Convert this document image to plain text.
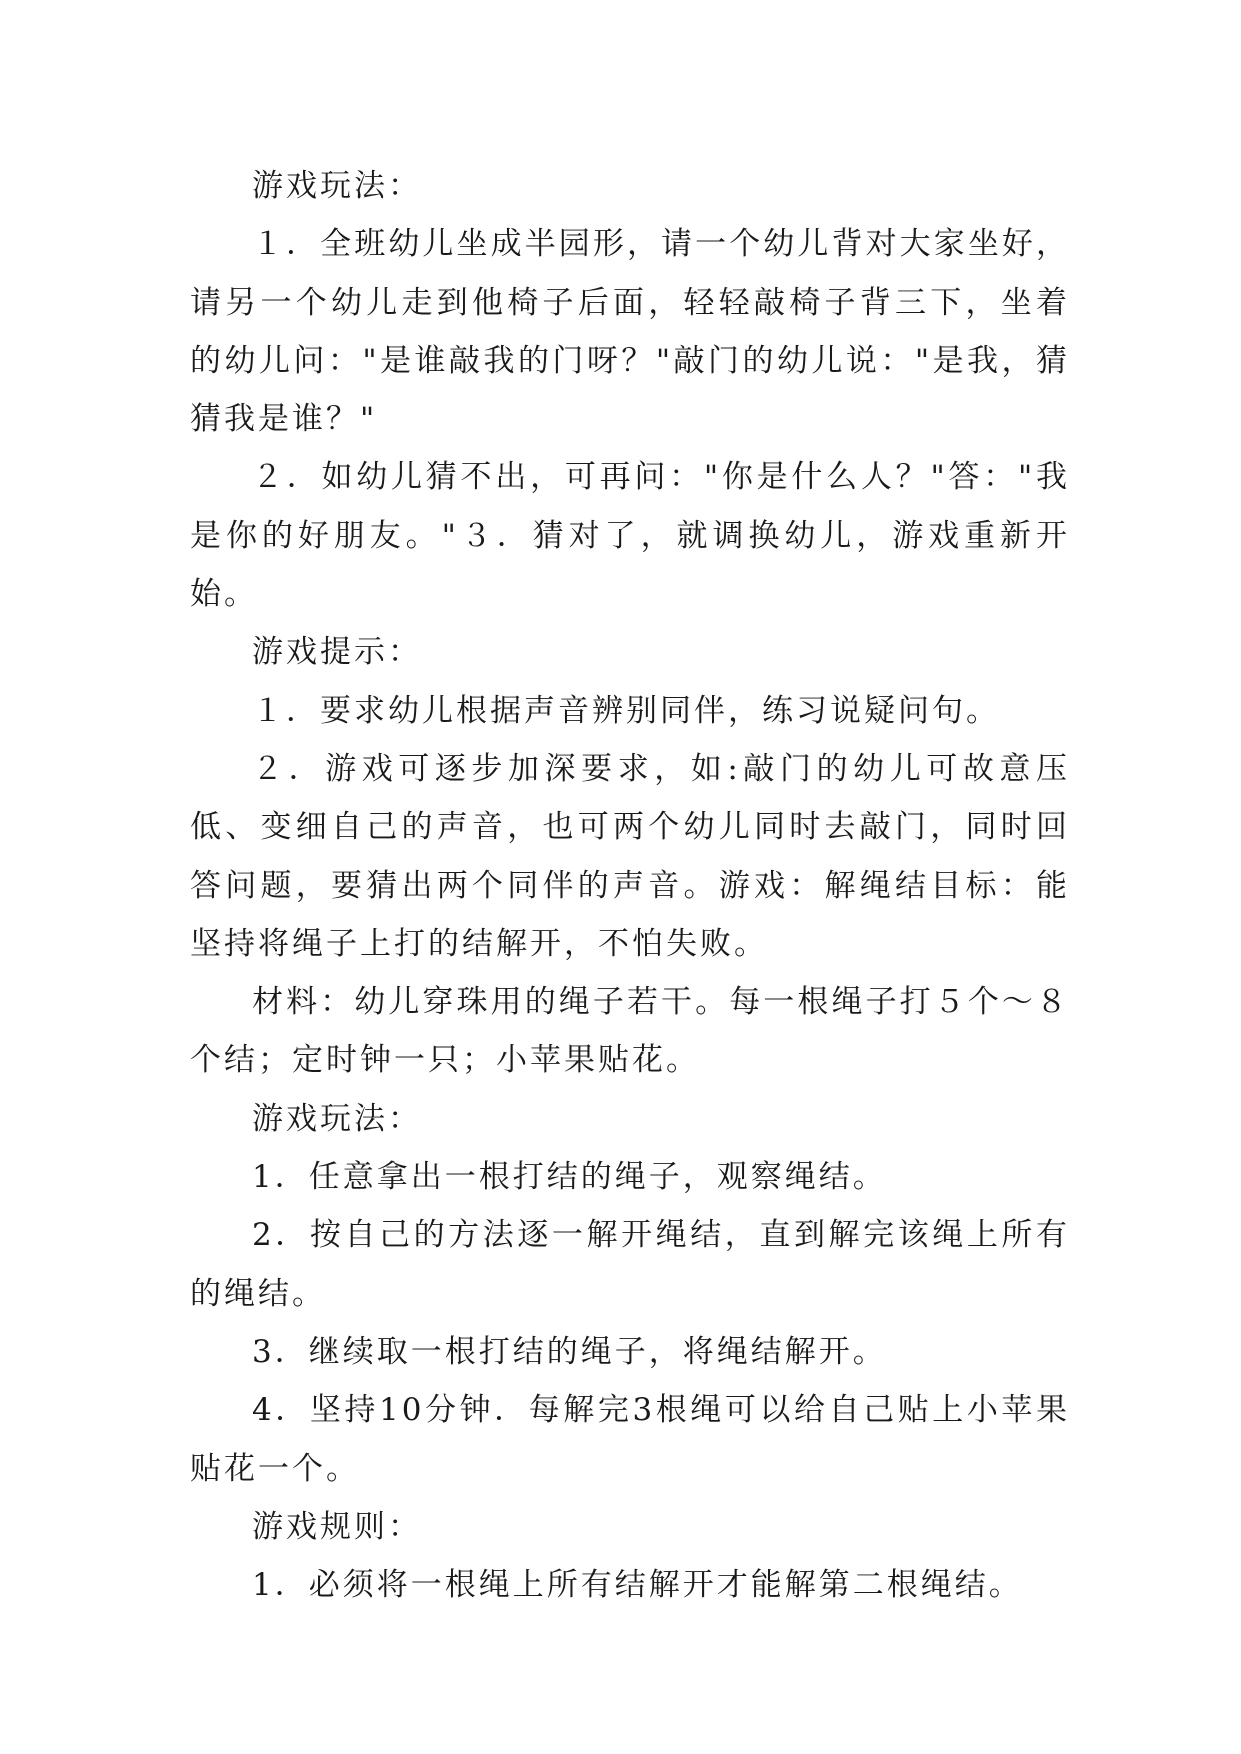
游戏玩法：

１．全班幼儿坐成半园形，请一个幼儿背对大家坐好，请另一个幼儿走到他椅子后面，轻轻敲椅子背三下，坐着的幼儿问："是谁敲我的门呀？"敲门的幼儿说："是我，猜猜我是谁？"

２．如幼儿猜不出，可再问："你是什么人？"答："我是你的好朋友。"３．猜对了，就调换幼儿，游戏重新开始。

游戏提示：

１．要求幼儿根据声音辨别同伴，练习说疑问句。

２．游戏可逐步加深要求，如:敲门的幼儿可故意压低、变细自己的声音，也可两个幼儿同时去敲门，同时回答问题，要猜出两个同伴的声音。游戏：解绳结目标：能坚持将绳子上打的结解开，不怕失败。

材料：幼儿穿珠用的绳子若干。每一根绳子打５个～８个结；定时钟一只；小苹果贴花。

游戏玩法：

1．任意拿出一根打结的绳子，观察绳结。

2．按自己的方法逐一解开绳结，直到解完该绳上所有的绳结。

3．继续取一根打结的绳子，将绳结解开。

4．坚持10分钟．每解完3根绳可以给自己贴上小苹果贴花一个。

游戏规则：

1．必须将一根绳上所有结解开才能解第二根绳结。
